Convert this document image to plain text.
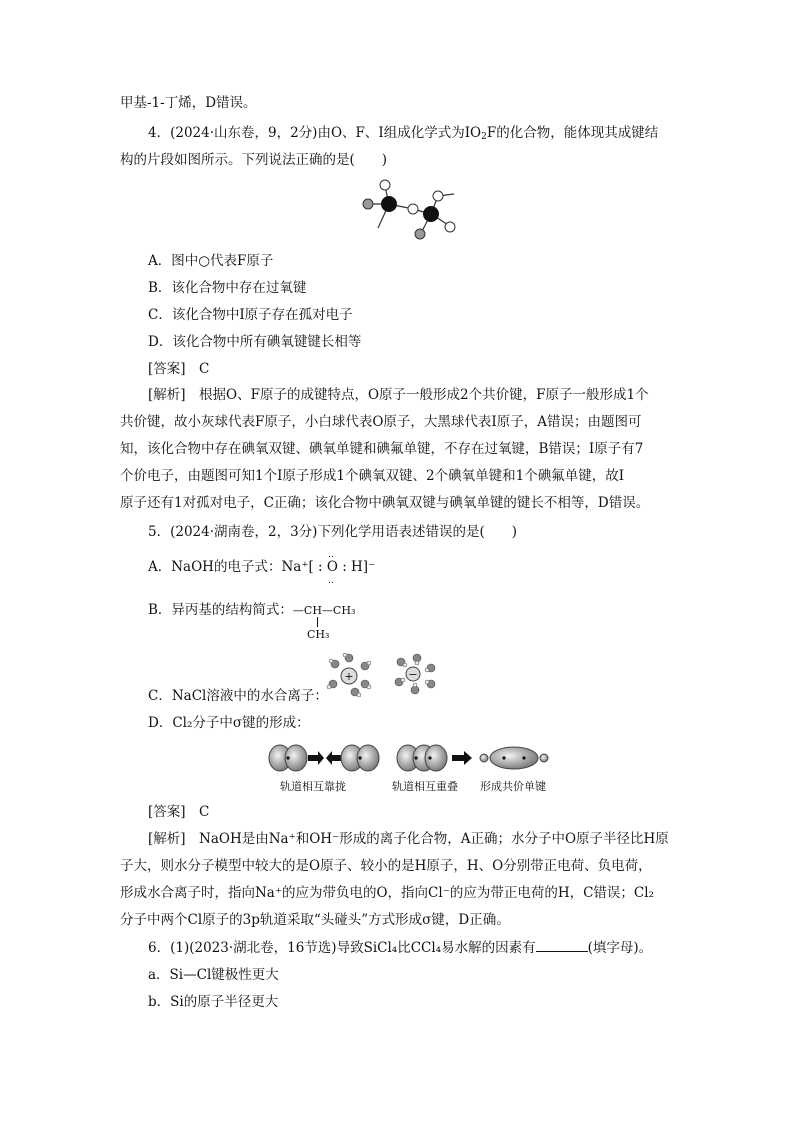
甲基-1-丁烯，D错误。
4．(2024·山东卷，9，2分)由O、F、I组成化学式为$IO_2F$的化合物，能体现其成键结
构的片段如图所示。下列说法正确的是(　　)
A．图中○代表F原子
B．该化合物中存在过氧键
C．该化合物中I原子存在孤对电子
D．该化合物中所有碘氧键键长相等
[答案]　 C
[解析]　 根据O、F原子的成键特点，O原子一般形成2个共价键，F原子一般形成1个
共价键，故小灰球代表F原子，小白球代表O原子，大黑球代表I原子，A错误；由题图可
知，该化合物中存在碘氧双键、碘氧单键和碘氟单键，不存在过氧键，B错误；I原子有7
个价电子，由题图可知1个I原子形成1个碘氧双键、2个碘氧单键和1个碘氟单键，故I
原子还有1对孤对电子，C正确；该化合物中碘氧双键与碘氧单键的键长不相等，D错误。
5．(2024·湖南卷，2，3分)下列化学用语表述错误的是(　　)
A．NaOH的电子式：Na⁺[ : O : H]⁻
‥
‥
B．异丙基的结构简式：—CH—CH₃
CH₃
+	−
C．NaCl溶液中的水合离子：
D．Cl₂分子中σ键的形成：
轨道相互靠拢	轨道相互重叠 形成共价单键
[答案]　 C
[解析]　 NaOH是由Na⁺和OH⁻形成的离子化合物，A正确；水分子中O原子半径比H原
子大，则水分子模型中较大的是O原子、较小的是H原子，H、O分别带正电荷、负电荷，
形成水合离子时，指向Na⁺的应为带负电的O，指向Cl⁻的应为带正电荷的H，C错误；Cl₂
分子中两个Cl原子的3p轨道采取“头碰头”方式形成σ键，D正确。
6．(1)(2023·湖北卷，16节选)导致SiCl₄比CCl₄易水解的因素有	(填字母)。
a．Si—Cl键极性更大
b．Si的原子半径更大
